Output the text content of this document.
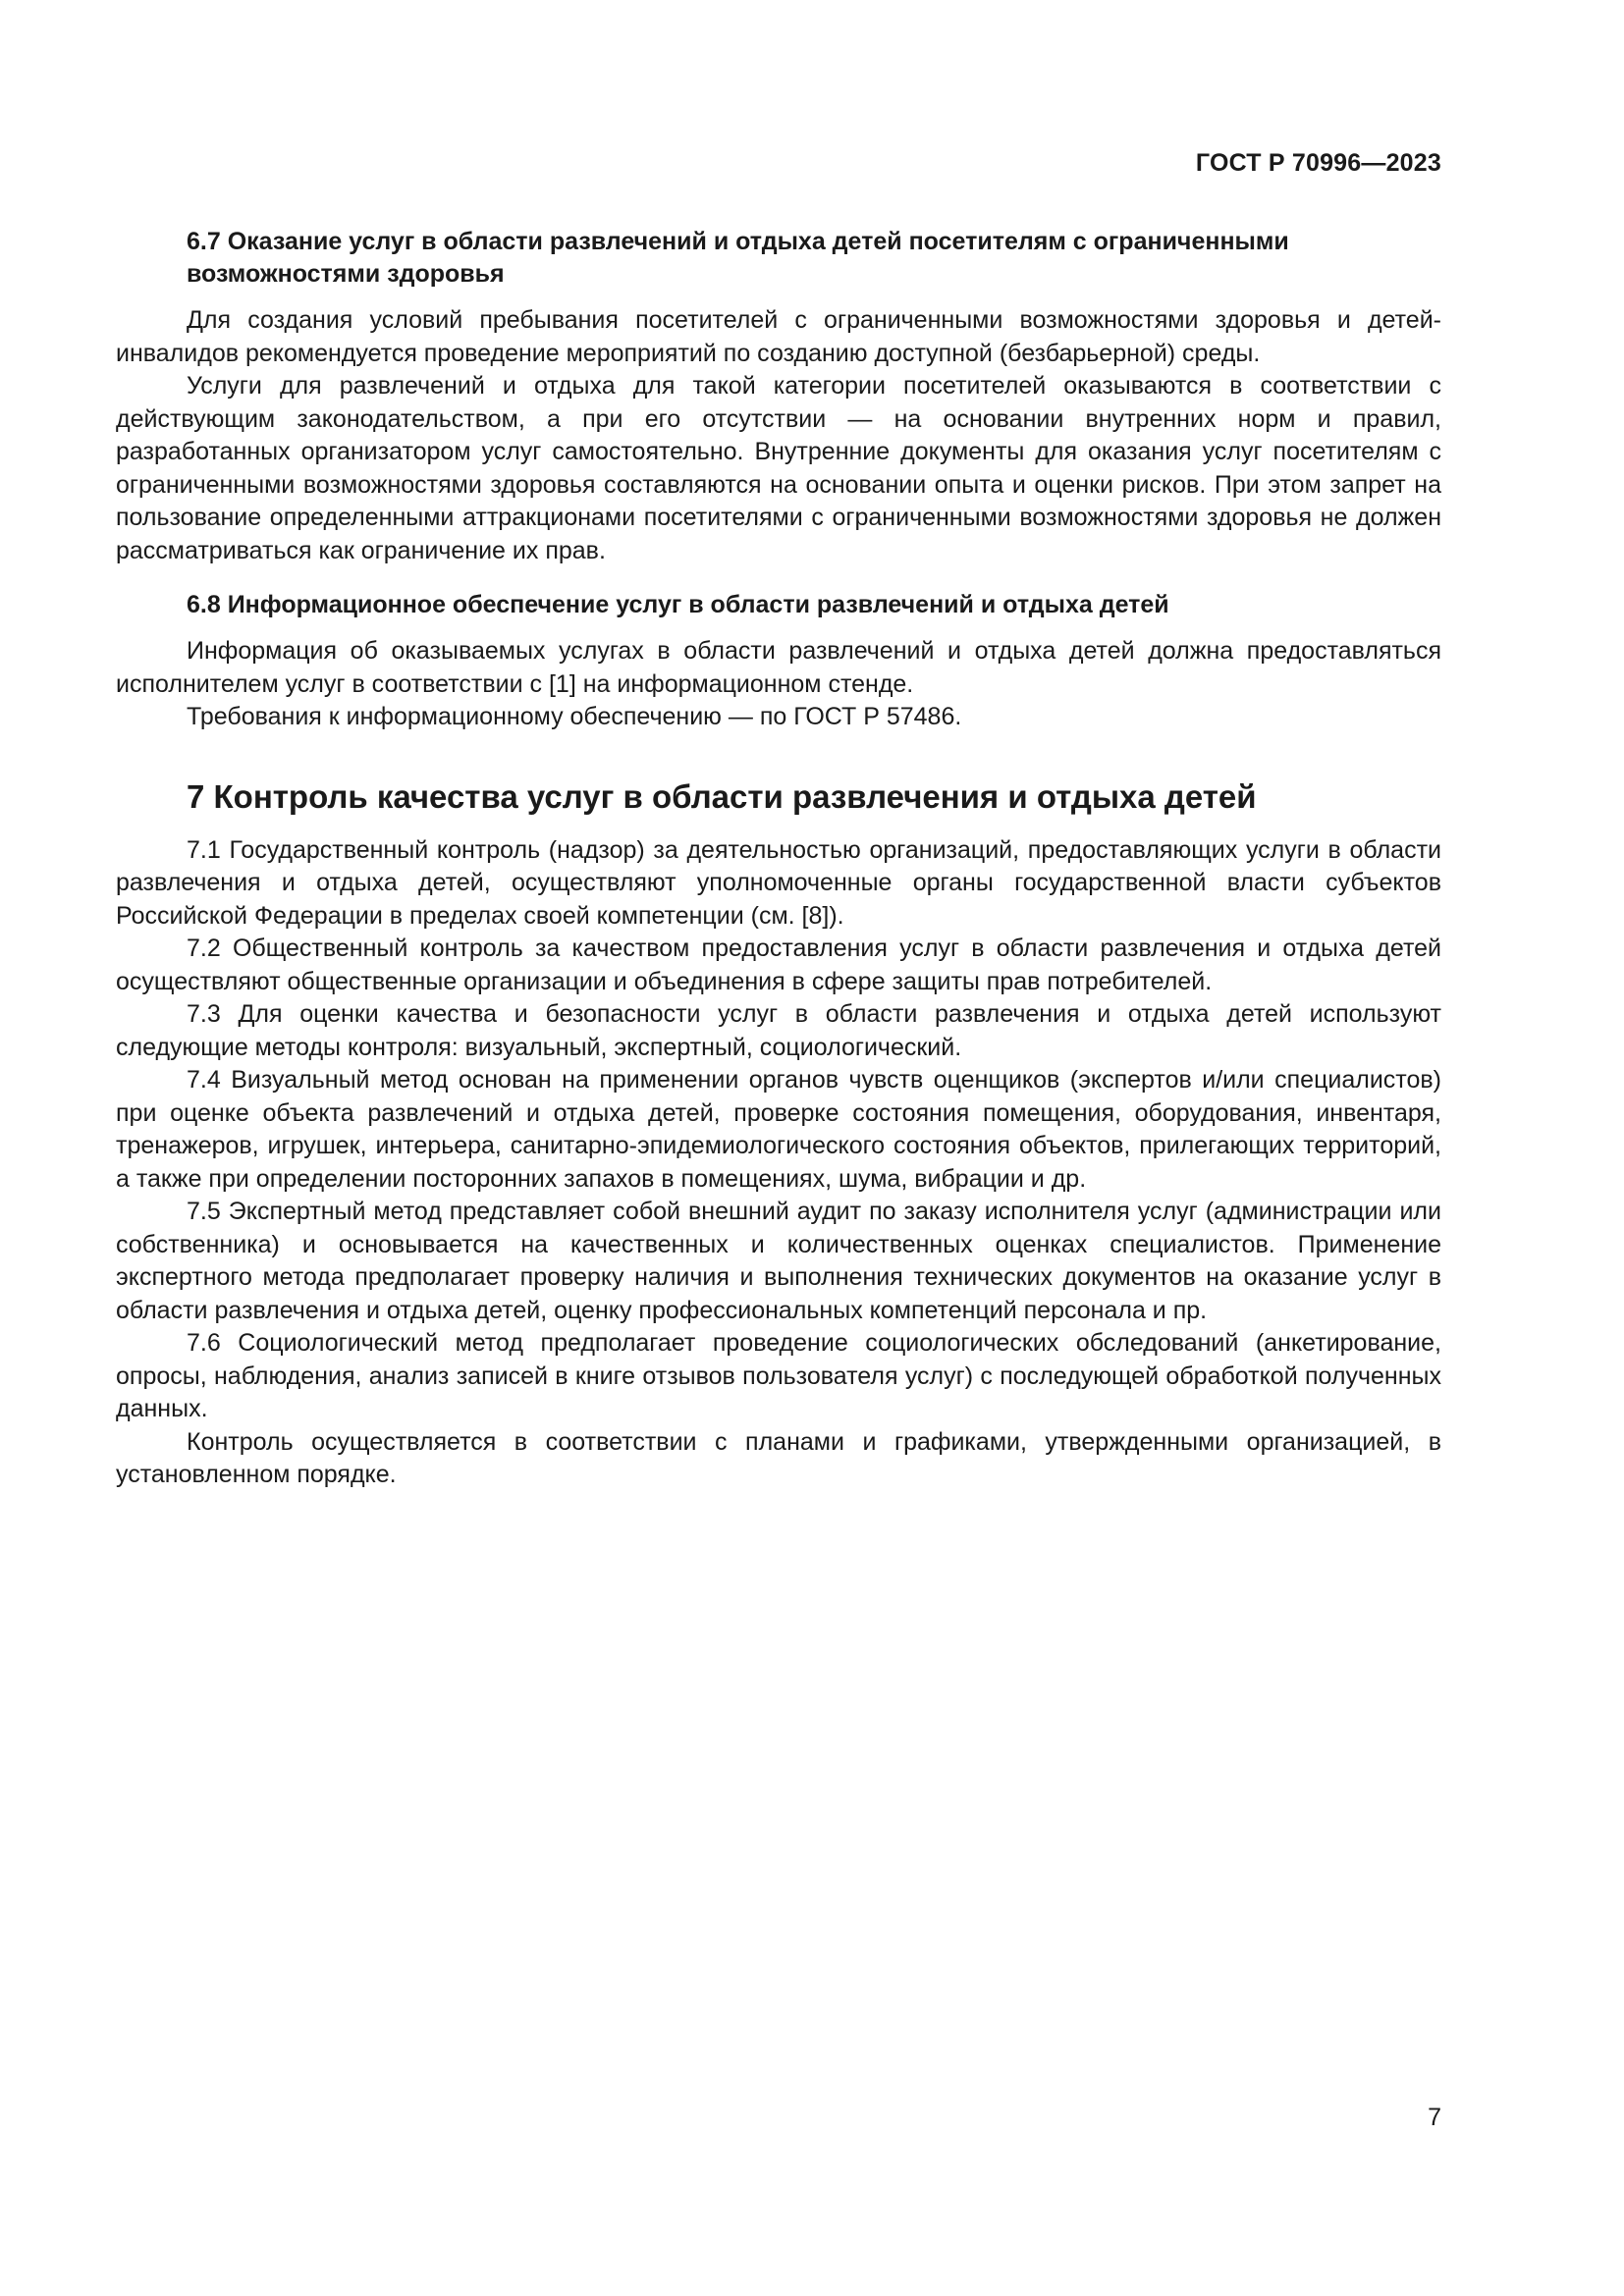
ГОСТ Р 70996—2023
6.7 Оказание услуг в области развлечений и отдыха детей посетителям с ограниченными возможностями здоровья

Для создания условий пребывания посетителей с ограниченными возможностями здоровья и детей-инвалидов рекомендуется проведение мероприятий по созданию доступной (безбарьерной) среды.

Услуги для развлечений и отдыха для такой категории посетителей оказываются в соответствии с действующим законодательством, а при его отсутствии — на основании внутренних норм и правил, разработанных организатором услуг самостоятельно. Внутренние документы для оказания услуг посетителям с ограниченными возможностями здоровья составляются на основании опыта и оценки рисков. При этом запрет на пользование определенными аттракционами посетителями с ограниченными возможностями здоровья не должен рассматриваться как ограничение их прав.

6.8 Информационное обеспечение услуг в области развлечений и отдыха детей

Информация об оказываемых услугах в области развлечений и отдыха детей должна предоставляться исполнителем услуг в соответствии с [1] на информационном стенде.

Требования к информационному обеспечению — по ГОСТ Р 57486.

7 Контроль качества услуг в области развлечения и отдыха детей

7.1 Государственный контроль (надзор) за деятельностью организаций, предоставляющих услуги в области развлечения и отдыха детей, осуществляют уполномоченные органы государственной власти субъектов Российской Федерации в пределах своей компетенции (см. [8]).

7.2 Общественный контроль за качеством предоставления услуг в области развлечения и отдыха детей осуществляют общественные организации и объединения в сфере защиты прав потребителей.

7.3 Для оценки качества и безопасности услуг в области развлечения и отдыха детей используют следующие методы контроля: визуальный, экспертный, социологический.

7.4 Визуальный метод основан на применении органов чувств оценщиков (экспертов и/или специалистов) при оценке объекта развлечений и отдыха детей, проверке состояния помещения, оборудования, инвентаря, тренажеров, игрушек, интерьера, санитарно-эпидемиологического состояния объектов, прилегающих территорий, а также при определении посторонних запахов в помещениях, шума, вибрации и др.

7.5 Экспертный метод представляет собой внешний аудит по заказу исполнителя услуг (администрации или собственника) и основывается на качественных и количественных оценках специалистов. Применение экспертного метода предполагает проверку наличия и выполнения технических документов на оказание услуг в области развлечения и отдыха детей, оценку профессиональных компетенций персонала и пр.

7.6 Социологический метод предполагает проведение социологических обследований (анкетирование, опросы, наблюдения, анализ записей в книге отзывов пользователя услуг) с последующей обработкой полученных данных.

Контроль осуществляется в соответствии с планами и графиками, утвержденными организацией, в установленном порядке.

7
